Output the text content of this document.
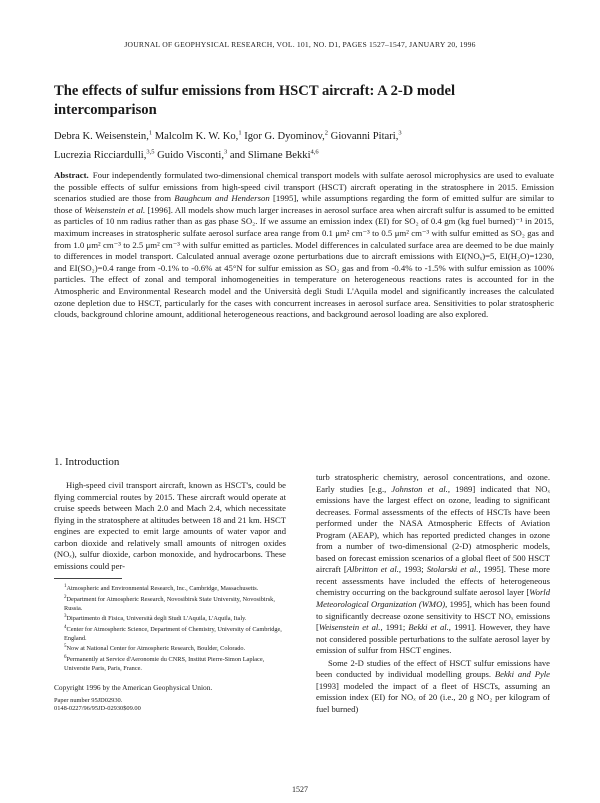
JOURNAL OF GEOPHYSICAL RESEARCH, VOL. 101, NO. D1, PAGES 1527–1547, JANUARY 20, 1996
The effects of sulfur emissions from HSCT aircraft: A 2-D model intercomparison
Debra K. Weisenstein,$^1$ Malcolm K. W. Ko,$^1$ Igor G. Dyominov,$^2$ Giovanni Pitari,$^3$
Lucrezia Ricciardulli,$^{3,5}$ Guido Visconti,$^3$ and Slimane Bekki$^{4,6}$
Abstract. Four independently formulated two-dimensional chemical transport models with sulfate aerosol microphysics are used to evaluate the possible effects of sulfur emissions from high-speed civil transport (HSCT) aircraft operating in the stratosphere in 2015. Emission scenarios studied are those from Baughcum and Henderson [1995], while assumptions regarding the form of emitted sulfur are similar to those of Weisenstein et al. [1996]. All models show much larger increases in aerosol surface area when aircraft sulfur is assumed to be emitted as particles of 10 nm radius rather than as gas phase SO₂. If we assume an emission index (EI) for SO₂ of 0.4 gm (kg fuel burned)⁻¹ in 2015, maximum increases in stratospheric sulfate aerosol surface area range from 0.1 μm² cm⁻³ to 0.5 μm² cm⁻³ with sulfur emitted as SO₂ gas and from 1.0 μm² cm⁻³ to 2.5 μm² cm⁻³ with sulfur emitted as particles. Model differences in calculated surface area are deemed to be due mainly to differences in model transport. Calculated annual average ozone perturbations due to aircraft emissions with EI(NOₓ)=5, EI(H₂O)=1230, and EI(SO₂)=0.4 range from -0.1% to -0.6% at 45°N for sulfur emission as SO₂ gas and from -0.4% to -1.5% with sulfur emission as 100% particles. The effect of zonal and temporal inhomogeneities in temperature on heterogeneous reactions rates is accounted for in the Atmospheric and Environmental Research model and the Università degli Studi L'Aquila model and significantly increases the calculated ozone depletion due to HSCT, particularly for the cases with concurrent increases in aerosol surface area. Sensitivities to polar stratospheric clouds, background chlorine amount, additional heterogeneous reactions, and background aerosol loading are also explored.
1. Introduction

High-speed civil transport aircraft, known as HSCT's, could be flying commercial routes by 2015. These aircraft would operate at cruise speeds between Mach 2.0 and Mach 2.4, which necessitate flying in the stratosphere at altitudes between 18 and 21 km. HSCT engines are expected to emit large amounts of water vapor and carbon dioxide and relatively small amounts of nitrogen oxides (NOₓ), sulfur dioxide, carbon monoxide, and hydrocarbons. These emissions could per-

$^1$Atmospheric and Environmental Research, Inc., Cambridge, Massachusetts.
$^2$Department for Atmospheric Research, Novosibirsk State University, Novosibirsk, Russia.
$^3$Dipartimento di Fisica, Università degli Studi L'Aquila, L'Aquila, Italy.
$^4$Center for Atmospheric Science, Department of Chemistry, University of Cambridge, England.
$^5$Now at National Center for Atmospheric Research, Boulder, Colorado.
$^6$Permanently at Service d'Aeronomie du CNRS, Institut Pierre-Simon Laplace, Universite Paris, Paris, France.
Copyright 1996 by the American Geophysical Union.
Paper number 95JD02930.
0148-0227/96/95JD-02930$09.00

turb stratospheric chemistry, aerosol concentrations, and ozone. Early studies [e.g., Johnston et al., 1989] indicated that NOₓ emissions have the largest effect on ozone, leading to significant decreases. Formal assessments of the effects of HSCTs have been performed under the NASA Atmospheric Effects of Aviation Program (AEAP), which has reported predicted changes in ozone from a number of two-dimensional (2-D) atmospheric models, based on forecast emission scenarios of a global fleet of 500 HSCT aircraft [Albritton et al., 1993; Stolarski et al., 1995]. These more recent assessments have included the effects of heterogeneous chemistry occurring on the background sulfate aerosol layer [World Meteorological Organization (WMO), 1995], which has been found to significantly decrease ozone sensitivity to HSCT NOₓ emissions [Weisenstein et al., 1991; Bekki et al., 1991]. However, they have not considered possible perturbations to the sulfate aerosol layer by emission of sulfur from HSCT engines.

Some 2-D studies of the effect of HSCT sulfur emissions have been conducted by individual modelling groups. Bekki and Pyle [1993] modeled the impact of a fleet of HSCTs, assuming an emission index (EI) for NOₓ of 20 (i.e., 20 g NO₂ per kilogram of fuel burned)

1527
